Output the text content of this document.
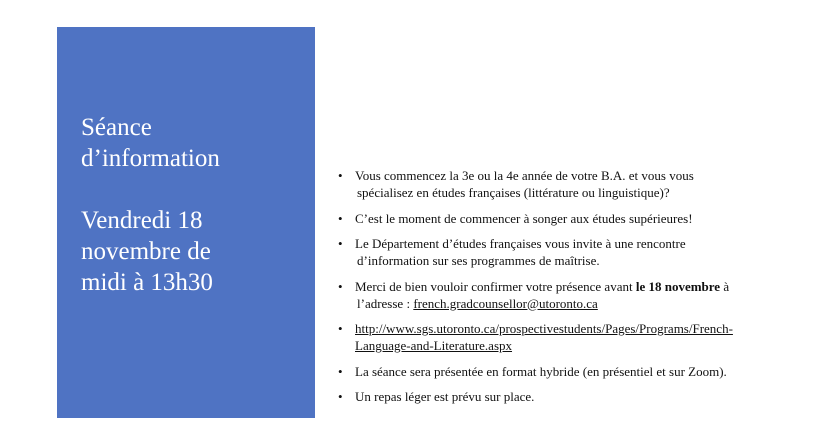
Séance
d’information
Vendredi 18
novembre de
midi à 13h30
• Vous commencez la 3e ou la 4e année de votre B.A. et vous vous
spécialisez en études françaises (littérature ou linguistique)?
• C’est le moment de commencer à songer aux études supérieures!
• Le Département d’études françaises vous invite à une rencontre
d’information sur ses programmes de maîtrise.
• Merci de bien vouloir confirmer votre présence avant le 18 novembre à
l’adresse : french.gradcounsellor@utoronto.ca
• http://www.sgs.utoronto.ca/prospectivestudents/Pages/Programs/French-
Language-and-Literature.aspx
• La séance sera présentée en format hybride (en présentiel et sur Zoom).
• Un repas léger est prévu sur place.
